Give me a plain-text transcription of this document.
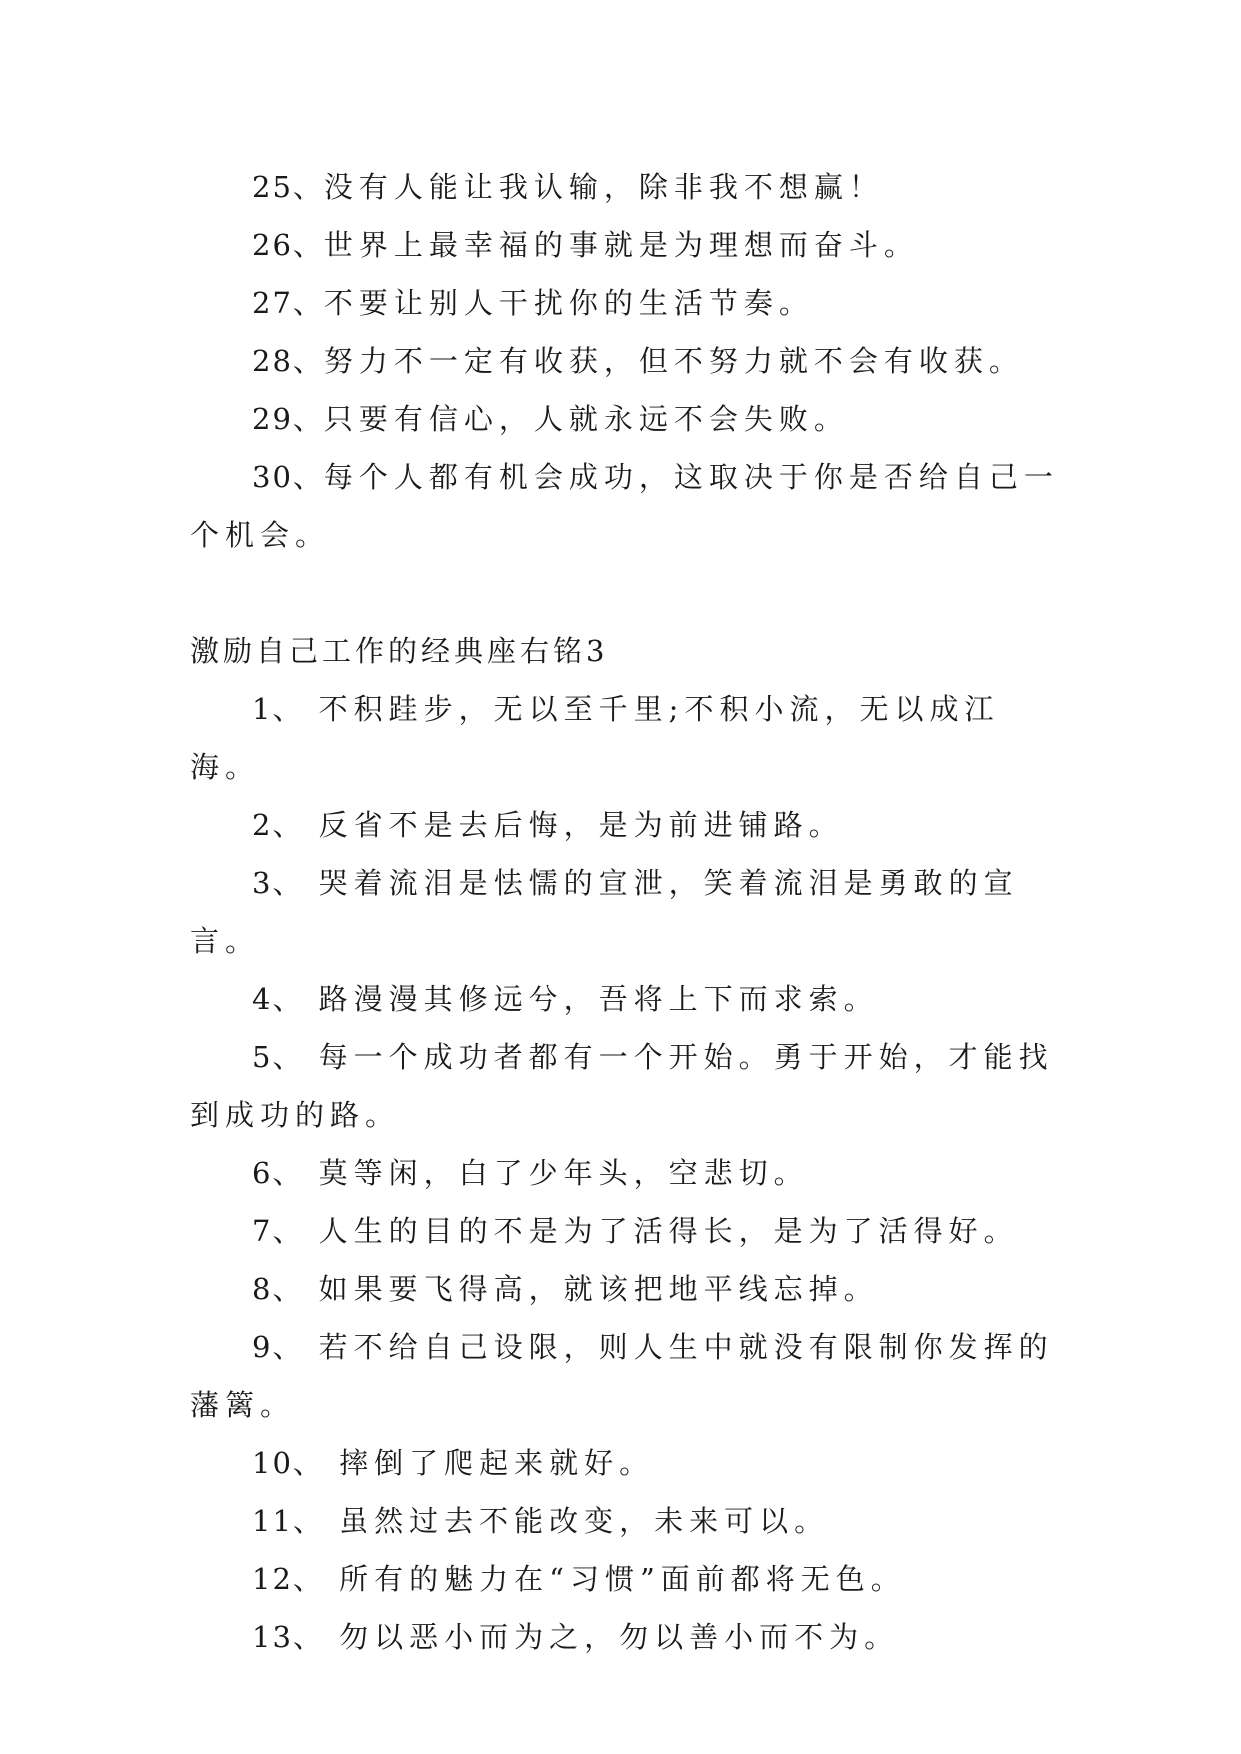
25、没有人能让我认输，除非我不想赢！

26、世界上最幸福的事就是为理想而奋斗。

27、不要让别人干扰你的生活节奏。

28、努力不一定有收获，但不努力就不会有收获。

29、只要有信心，人就永远不会失败。

30、每个人都有机会成功，这取决于你是否给自己一个机会。

激励自己工作的经典座右铭3

1、 不积跬步，无以至千里;不积小流，无以成江海。

2、 反省不是去后悔，是为前进铺路。

3、 哭着流泪是怯懦的宣泄，笑着流泪是勇敢的宣言。

4、 路漫漫其修远兮，吾将上下而求索。

5、 每一个成功者都有一个开始。勇于开始，才能找到成功的路。

6、 莫等闲，白了少年头，空悲切。

7、 人生的目的不是为了活得长，是为了活得好。

8、 如果要飞得高，就该把地平线忘掉。

9、 若不给自己设限，则人生中就没有限制你发挥的藩篱。

10、 摔倒了爬起来就好。

11、 虽然过去不能改变，未来可以。

12、 所有的魅力在“习惯”面前都将无色。

13、 勿以恶小而为之，勿以善小而不为。
